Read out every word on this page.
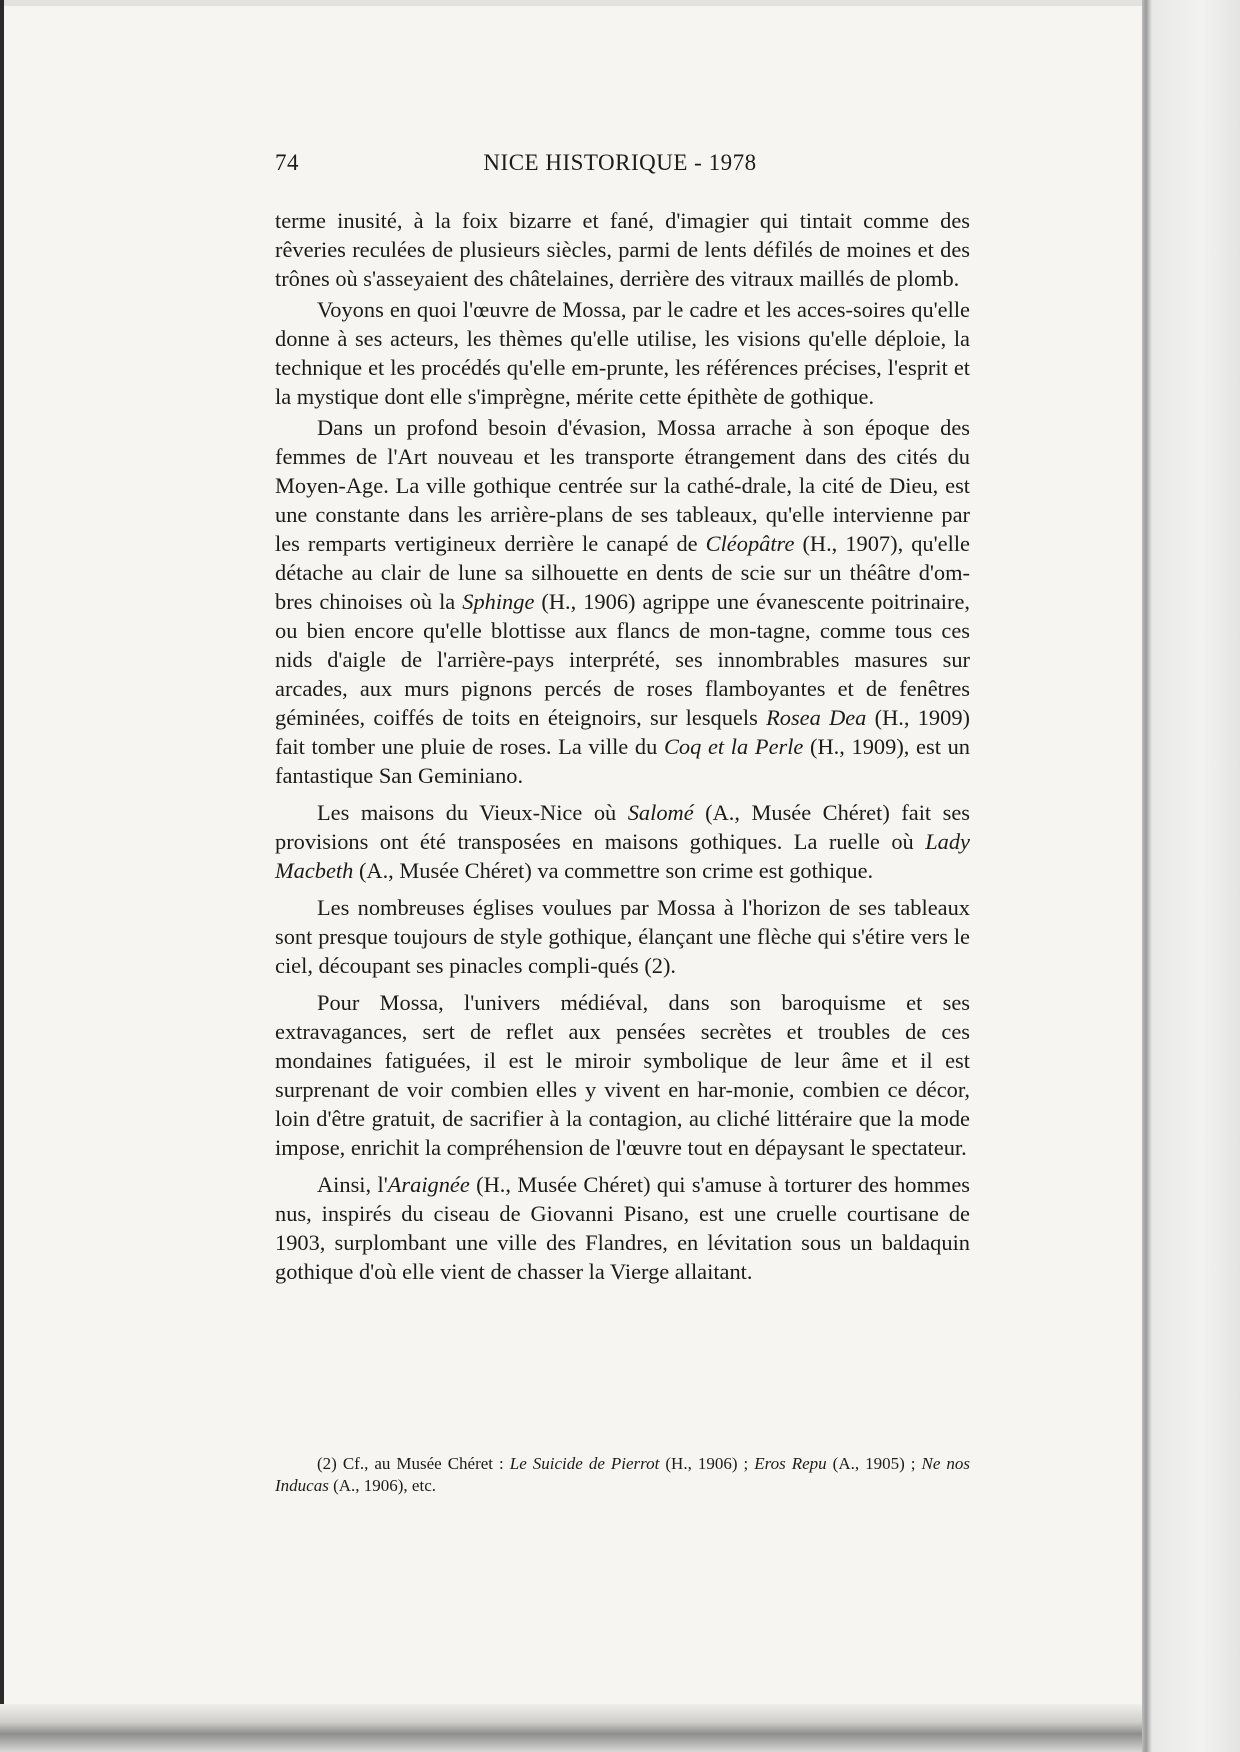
74	NICE HISTORIQUE - 1978

terme inusité, à la foix bizarre et fané, d'imagier qui tintait comme des rêveries reculées de plusieurs siècles, parmi de lents défilés de moines et des trônes où s'asseyaient des châtelaines, derrière des vitraux maillés de plomb.

Voyons en quoi l'œuvre de Mossa, par le cadre et les acces-soires qu'elle donne à ses acteurs, les thèmes qu'elle utilise, les visions qu'elle déploie, la technique et les procédés qu'elle em-prunte, les références précises, l'esprit et la mystique dont elle s'imprègne, mérite cette épithète de gothique.

Dans un profond besoin d'évasion, Mossa arrache à son époque des femmes de l'Art nouveau et les transporte étrangement dans des cités du Moyen-Age. La ville gothique centrée sur la cathé-drale, la cité de Dieu, est une constante dans les arrière-plans de ses tableaux, qu'elle intervienne par les remparts vertigineux derrière le canapé de Cléopâtre (H., 1907), qu'elle détache au clair de lune sa silhouette en dents de scie sur un théâtre d'om-bres chinoises où la Sphinge (H., 1906) agrippe une évanescente poitrinaire, ou bien encore qu'elle blottisse aux flancs de mon-tagne, comme tous ces nids d'aigle de l'arrière-pays interprété, ses innombrables masures sur arcades, aux murs pignons percés de roses flamboyantes et de fenêtres géminées, coiffés de toits en éteignoirs, sur lesquels Rosea Dea (H., 1909) fait tomber une pluie de roses. La ville du Coq et la Perle (H., 1909), est un fantastique San Geminiano.

Les maisons du Vieux-Nice où Salomé (A., Musée Chéret) fait ses provisions ont été transposées en maisons gothiques. La ruelle où Lady Macbeth (A., Musée Chéret) va commettre son crime est gothique.

Les nombreuses églises voulues par Mossa à l'horizon de ses tableaux sont presque toujours de style gothique, élançant une flèche qui s'étire vers le ciel, découpant ses pinacles compli-qués (2).

Pour Mossa, l'univers médiéval, dans son baroquisme et ses extravagances, sert de reflet aux pensées secrètes et troubles de ces mondaines fatiguées, il est le miroir symbolique de leur âme et il est surprenant de voir combien elles y vivent en har-monie, combien ce décor, loin d'être gratuit, de sacrifier à la contagion, au cliché littéraire que la mode impose, enrichit la compréhension de l'œuvre tout en dépaysant le spectateur.

Ainsi, l'Araignée (H., Musée Chéret) qui s'amuse à torturer des hommes nus, inspirés du ciseau de Giovanni Pisano, est une cruelle courtisane de 1903, surplombant une ville des Flandres, en lévitation sous un baldaquin gothique d'où elle vient de chasser la Vierge allaitant.

(2) Cf., au Musée Chéret : Le Suicide de Pierrot (H., 1906) ; Eros Repu (A., 1905) ; Ne nos Inducas (A., 1906), etc.
